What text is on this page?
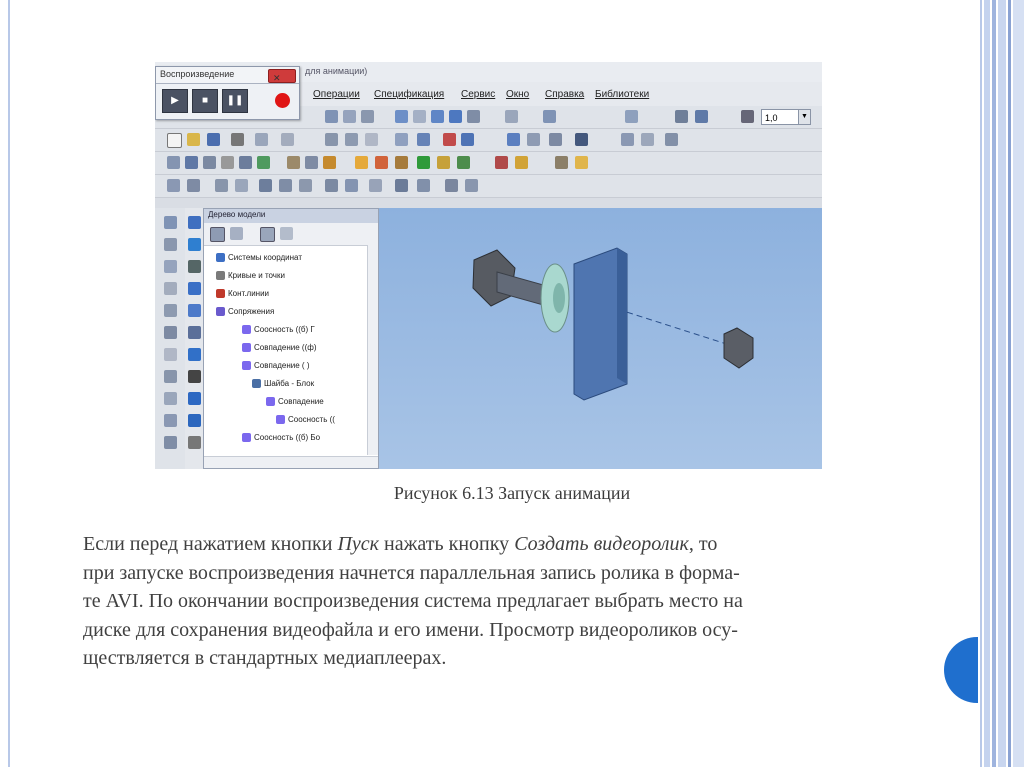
для анимации)
Операции Спецификация Сервис Окно Справка Библиотеки
1,0	▼
Воспроизведение	✕
▶	■	❚❚
Дерево модели
Системы координат
Кривые и точки
Конт.линии
Сопряжения
Соосность ((б) Г
Совпадение ((ф)
Совпадение ( )
Шайба - Блок
Совпадение
Соосность ((
Соосность ((б) Бо
Рисунок 6.13 Запуск анимации
Если перед нажатием кнопки Пуск нажать кнопку Создать видеоролик, то
при запуске воспроизведения начнется параллельная запись ролика в форма-
те AVI. По окончании воспроизведения система предлагает выбрать место на
диске для сохранения видеофайла и его имени. Просмотр видеороликов осу-
ществляется в стандартных медиаплеерах.
